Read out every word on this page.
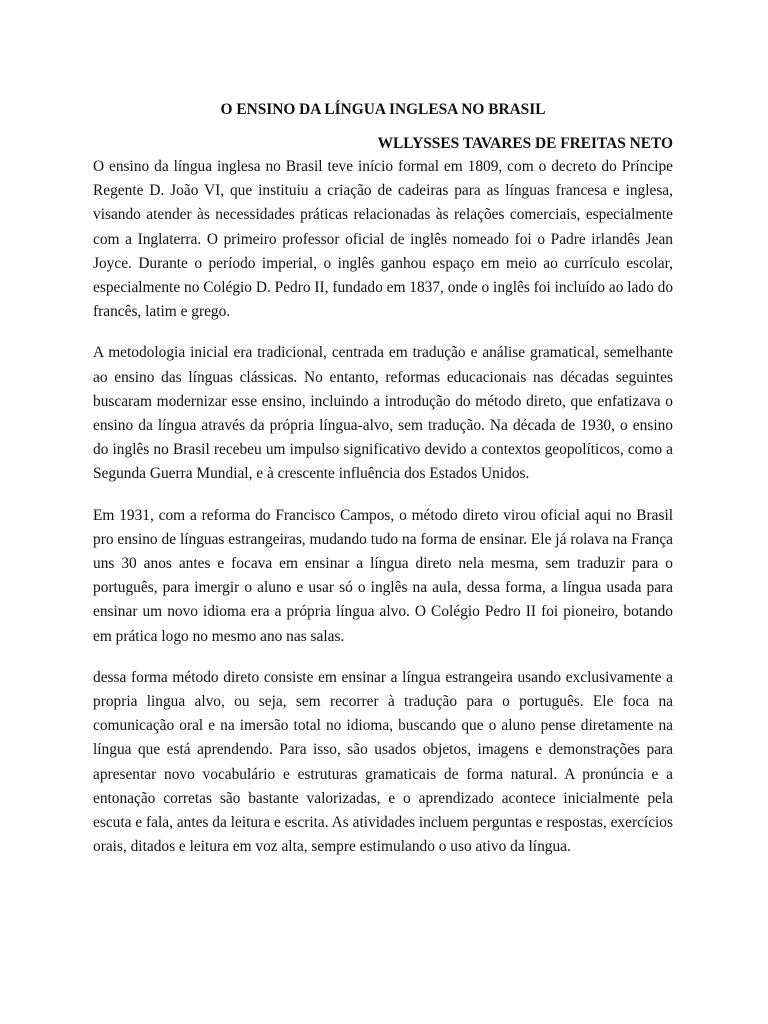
O ENSINO DA LÍNGUA INGLESA NO BRASIL
WLLYSSES TAVARES DE FREITAS NETO

O ensino da língua inglesa no Brasil teve início formal em 1809, com o decreto do Príncipe Regente D. João VI, que instituiu a criação de cadeiras para as línguas francesa e inglesa, visando atender às necessidades práticas relacionadas às relações comerciais, especialmente com a Inglaterra. O primeiro professor oficial de inglês nomeado foi o Padre irlandês Jean Joyce. Durante o período imperial, o inglês ganhou espaço em meio ao currículo escolar, especialmente no Colégio D. Pedro II, fundado em 1837, onde o inglês foi incluído ao lado do francês, latim e grego.

A metodologia inicial era tradicional, centrada em tradução e análise gramatical, semelhante ao ensino das línguas clássicas. No entanto, reformas educacionais nas décadas seguintes buscaram modernizar esse ensino, incluindo a introdução do método direto, que enfatizava o ensino da língua através da própria língua-alvo, sem tradução. Na década de 1930, o ensino do inglês no Brasil recebeu um impulso significativo devido a contextos geopolíticos, como a Segunda Guerra Mundial, e à crescente influência dos Estados Unidos.

Em 1931, com a reforma do Francisco Campos, o método direto virou oficial aqui no Brasil pro ensino de línguas estrangeiras, mudando tudo na forma de ensinar. Ele já rolava na França uns 30 anos antes e focava em ensinar a língua direto nela mesma, sem traduzir para o português, para imergir o aluno e usar só o inglês na aula, dessa forma, a língua usada para ensinar um novo idioma era a própria língua alvo. O Colégio Pedro II foi pioneiro, botando em prática logo no mesmo ano nas salas.

dessa forma método direto consiste em ensinar a língua estrangeira usando exclusivamente a propria lingua alvo, ou seja, sem recorrer à tradução para o português. Ele foca na comunicação oral e na imersão total no idioma, buscando que o aluno pense diretamente na língua que está aprendendo. Para isso, são usados objetos, imagens e demonstrações para apresentar novo vocabulário e estruturas gramaticais de forma natural. A pronúncia e a entonação corretas são bastante valorizadas, e o aprendizado acontece inicialmente pela escuta e fala, antes da leitura e escrita. As atividades incluem perguntas e respostas, exercícios orais, ditados e leitura em voz alta, sempre estimulando o uso ativo da língua.
